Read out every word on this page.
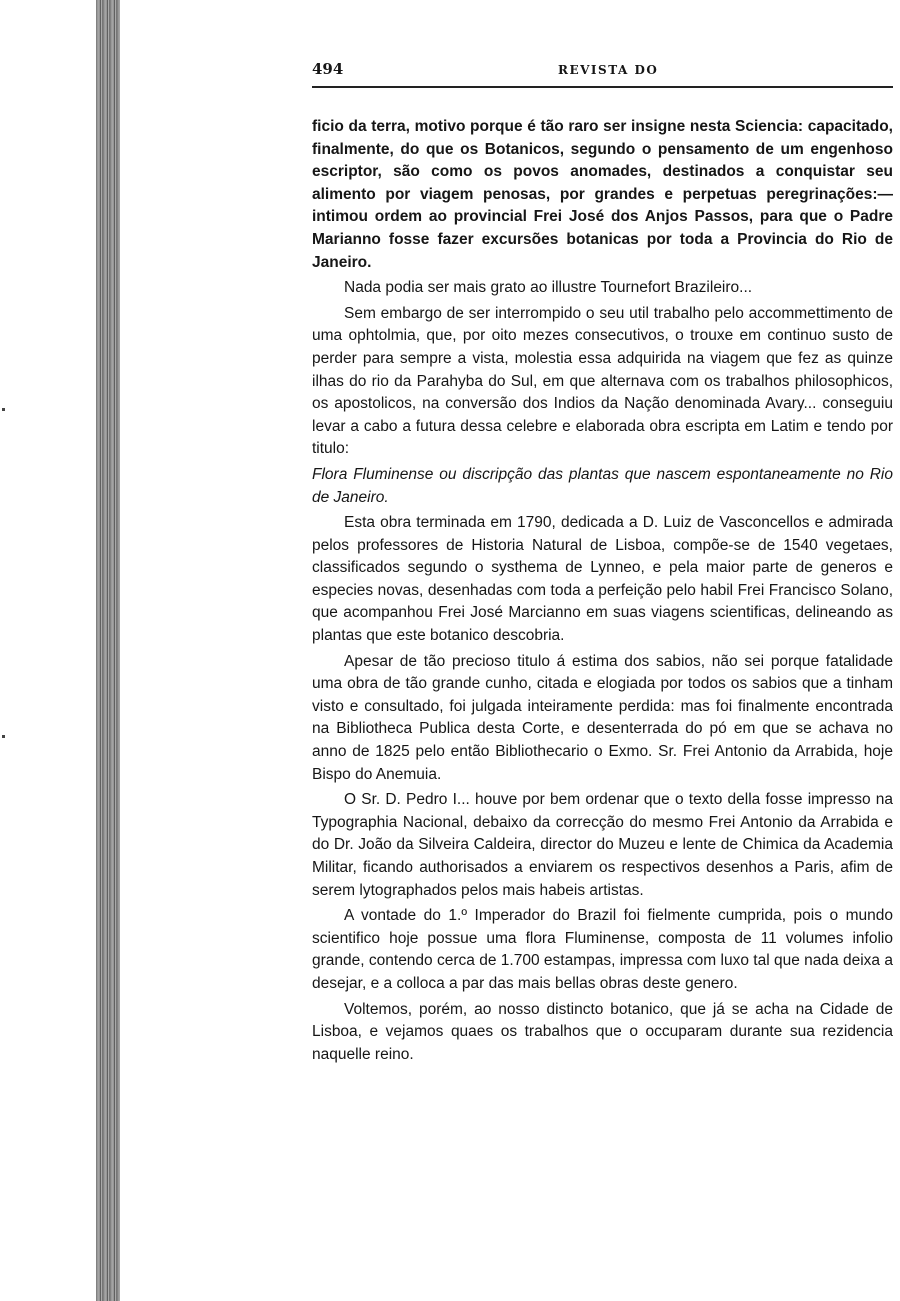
494	REVISTA DO

ficio da terra, motivo porque é tão raro ser insigne nesta Sciencia: capacitado, finalmente, do que os Botanicos, segundo o pensamento de um engenhoso escriptor, são como os povos anomades, destinados a conquistar seu alimento por viagem penosas, por grandes e perpetuas peregrinações:—intimou ordem ao provincial Frei José dos Anjos Passos, para que o Padre Marianno fosse fazer excursões botanicas por toda a Provincia do Rio de Janeiro.

Nada podia ser mais grato ao illustre Tournefort Brazileiro...

Sem embargo de ser interrompido o seu util trabalho pelo accommettimento de uma ophtolmia, que, por oito mezes consecutivos, o trouxe em continuo susto de perder para sempre a vista, molestia essa adquirida na viagem que fez as quinze ilhas do rio da Parahyba do Sul, em que alternava com os trabalhos philosophicos, os apostolicos, na conversão dos Indios da Nação denominada Avary... conseguiu levar a cabo a futura dessa celebre e elaborada obra escripta em Latim e tendo por titulo:

Flora Fluminense ou discripção das plantas que nascem espontaneamente no Rio de Janeiro.

Esta obra terminada em 1790, dedicada a D. Luiz de Vasconcellos e admirada pelos professores de Historia Natural de Lisboa, compõe-se de 1540 vegetaes, classificados segundo o systhema de Lynneo, e pela maior parte de generos e especies novas, desenhadas com toda a perfeição pelo habil Frei Francisco Solano, que acompanhou Frei José Marcianno em suas viagens scientificas, delineando as plantas que este botanico descobria.

Apesar de tão precioso titulo á estima dos sabios, não sei porque fatalidade uma obra de tão grande cunho, citada e elogiada por todos os sabios que a tinham visto e consultado, foi julgada inteiramente perdida: mas foi finalmente encontrada na Bibliotheca Publica desta Corte, e desenterrada do pó em que se achava no anno de 1825 pelo então Bibliothecario o Exmo. Sr. Frei Antonio da Arrabida, hoje Bispo do Anemuia.

O Sr. D. Pedro I... houve por bem ordenar que o texto della fosse impresso na Typographia Nacional, debaixo da correcção do mesmo Frei Antonio da Arrabida e do Dr. João da Silveira Caldeira, director do Muzeu e lente de Chimica da Academia Militar, ficando authorisados a enviarem os respectivos desenhos a Paris, afim de serem lytographados pelos mais habeis artistas.

A vontade do 1.º Imperador do Brazil foi fielmente cumprida, pois o mundo scientifico hoje possue uma flora Fluminense, composta de 11 volumes infolio grande, contendo cerca de 1.700 estampas, impressa com luxo tal que nada deixa a desejar, e a colloca a par das mais bellas obras deste genero.

Voltemos, porém, ao nosso distincto botanico, que já se acha na Cidade de Lisboa, e vejamos quaes os trabalhos que o occuparam durante sua rezidencia naquelle reino.
